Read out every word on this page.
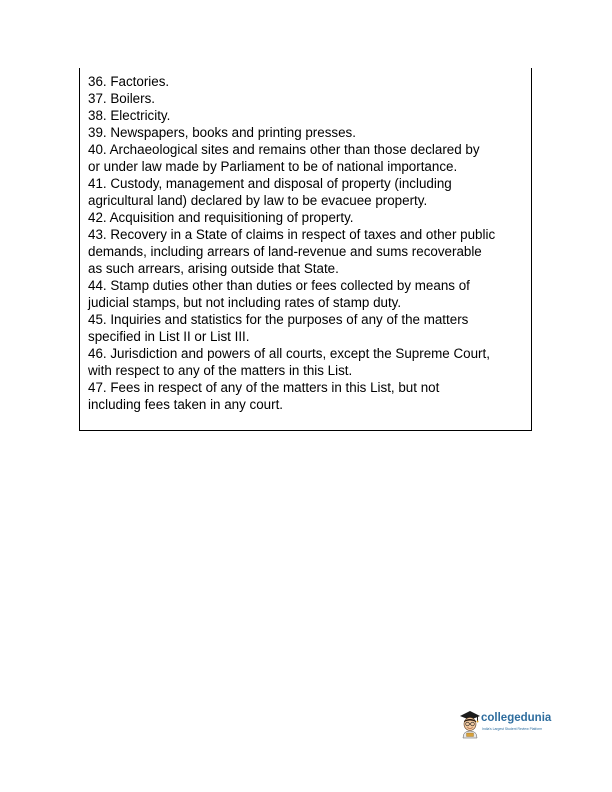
36. Factories.
37. Boilers.
38. Electricity.
39. Newspapers, books and printing presses.
40. Archaeological sites and remains other than those declared by
or under law made by Parliament to be of national importance.
41. Custody, management and disposal of property (including
agricultural land) declared by law to be evacuee property.
42. Acquisition and requisitioning of property.
43. Recovery in a State of claims in respect of taxes and other public
demands, including arrears of land-revenue and sums recoverable
as such arrears, arising outside that State.
44. Stamp duties other than duties or fees collected by means of
judicial stamps, but not including rates of stamp duty.
45. Inquiries and statistics for the purposes of any of the matters
specified in List II or List III.
46. Jurisdiction and powers of all courts, except the Supreme Court,
with respect to any of the matters in this List.
47. Fees in respect of any of the matters in this List, but not
including fees taken in any court.
collegedunia
India's Largest Student Review Platform
